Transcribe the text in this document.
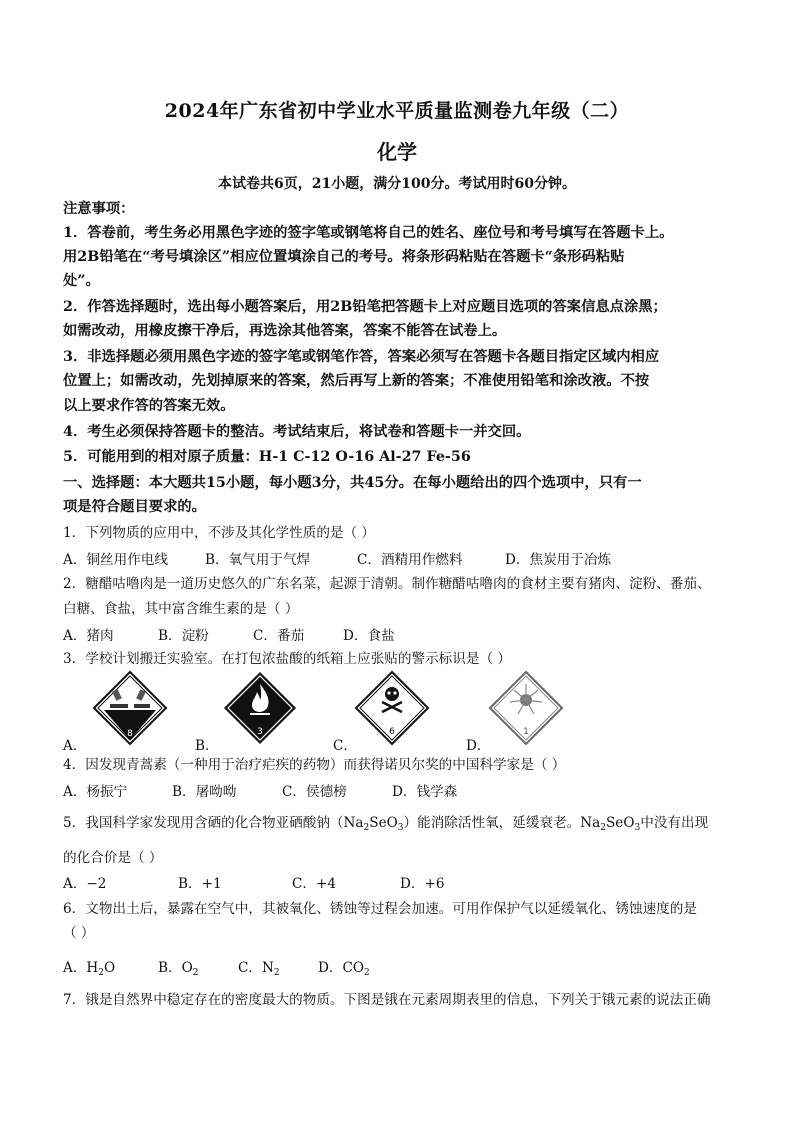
2024年广东省初中学业水平质量监测卷九年级（二）
化学
本试卷共6页，21小题，满分100分。考试用时60分钟。
注意事项：
1．答卷前，考生务必用黑色字迹的签字笔或钢笔将自己的姓名、座位号和考号填写在答题卡上。
用2B铅笔在“考号填涂区”相应位置填涂自己的考号。将条形码粘贴在答题卡“条形码粘贴
处”。
2．作答选择题时，选出每小题答案后，用2B铅笔把答题卡上对应题目选项的答案信息点涂黑；
如需改动，用橡皮擦干净后，再选涂其他答案，答案不能答在试卷上。
3．非选择题必须用黑色字迹的签字笔或钢笔作答，答案必须写在答题卡各题目指定区域内相应
位置上；如需改动，先划掉原来的答案，然后再写上新的答案；不准使用铅笔和涂改液。不按
以上要求作答的答案无效。
4．考生必须保持答题卡的整洁。考试结束后，将试卷和答题卡一并交回。
5．可能用到的相对原子质量：H-1 C-12 O-16 Al-27 Fe-56
一、选择题：本大题共15小题，每小题3分，共45分。在每小题给出的四个选项中，只有一
项是符合题目要求的。
1．下列物质的应用中，不涉及其化学性质的是（ ）
A．铜丝用作电线	B．氧气用于气焊	C．酒精用作燃料	D．焦炭用于冶炼
2．糖醋咕噜肉是一道历史悠久的广东名菜，起源于清朝。制作糖醋咕噜肉的食材主要有猪肉、淀粉、番茄、
白糖、食盐，其中富含维生素的是（ ）
A．猪肉	B．淀粉	C．番茄	D．食盐
3．学校计划搬迁实验室。在打包浓盐酸的纸箱上应张贴的警示标识是（ ）
8
A．
3
B．
6
C．
1
D．
4．因发现青蒿素（一种用于治疗疟疾的药物）而获得诺贝尔奖的中国科学家是（ ）
A．杨振宁	B．屠呦呦	C．侯德榜	D．钱学森
5．我国科学家发现用含硒的化合物亚硒酸钠$(Na_2SeO_3)$能消除活性氧，延缓衰老。$Na_2SeO_3$中没有出现
的化合价是（ ）
A．−2	B．+1	C．+4	D．+6
6．文物出土后，暴露在空气中，其被氧化、锈蚀等过程会加速。可用作保护气以延缓氧化、锈蚀速度的是
（ ）
A．$H_2O$	B．$O_2$	C．$N_2$	D．$CO_2$
7．锇是自然界中稳定存在的密度最大的物质。下图是锇在元素周期表里的信息，下列关于锇元素的说法正确
